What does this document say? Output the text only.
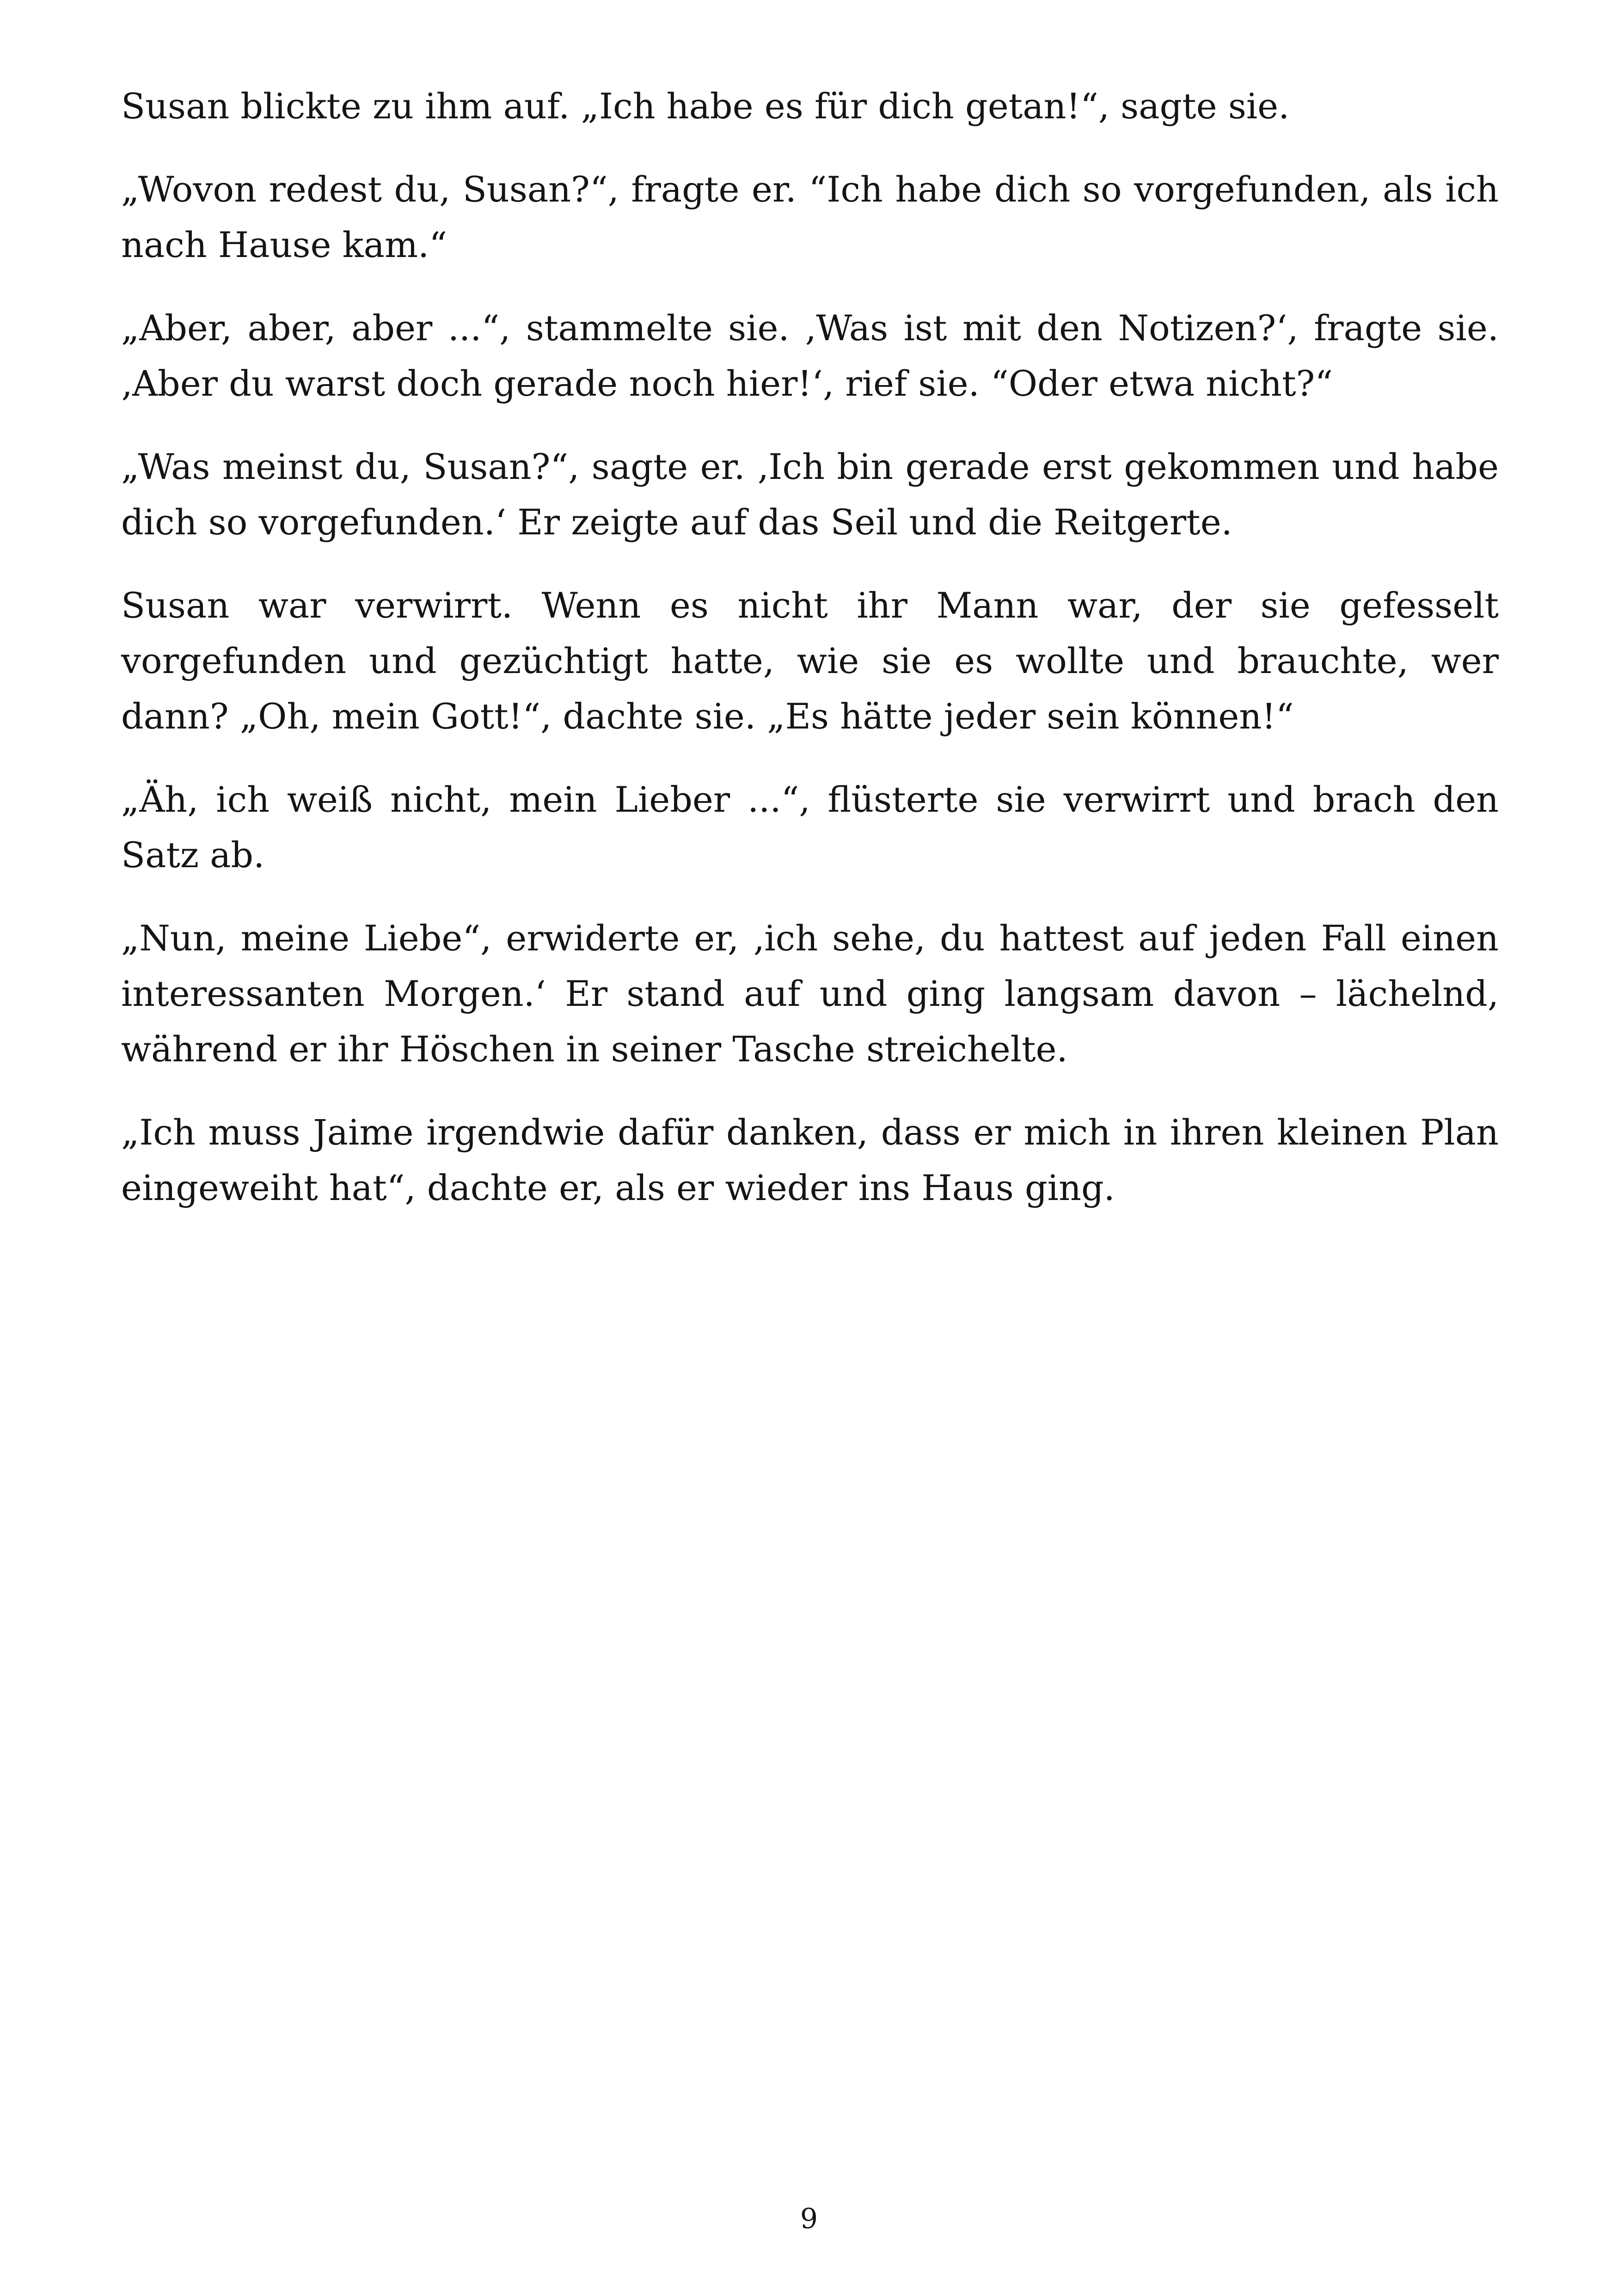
Susan blickte zu ihm auf. „Ich habe es für dich getan!“, sagte sie.

„Wovon redest du, Susan?“, fragte er. “Ich habe dich so vorgefunden, als ich nach Hause kam.“

„Aber, aber, aber ...“, stammelte sie. ‚Was ist mit den Notizen?‘, fragte sie. ‚Aber du warst doch gerade noch hier!‘, rief sie. “Oder etwa nicht?“

„Was meinst du, Susan?“, sagte er. ‚Ich bin gerade erst gekommen und habe dich so vorgefunden.‘ Er zeigte auf das Seil und die Reitgerte.

Susan war verwirrt. Wenn es nicht ihr Mann war, der sie gefesselt vorgefunden und gezüchtigt hatte, wie sie es wollte und brauchte, wer dann? „Oh, mein Gott!“, dachte sie. „Es hätte jeder sein können!“

„Äh, ich weiß nicht, mein Lieber ...“, flüsterte sie verwirrt und brach den Satz ab.

„Nun, meine Liebe“, erwiderte er, ‚ich sehe, du hattest auf jeden Fall einen interessanten Morgen.‘ Er stand auf und ging langsam davon – lächelnd, während er ihr Höschen in seiner Tasche streichelte.

„Ich muss Jaime irgendwie dafür danken, dass er mich in ihren kleinen Plan eingeweiht hat“, dachte er, als er wieder ins Haus ging.

9
